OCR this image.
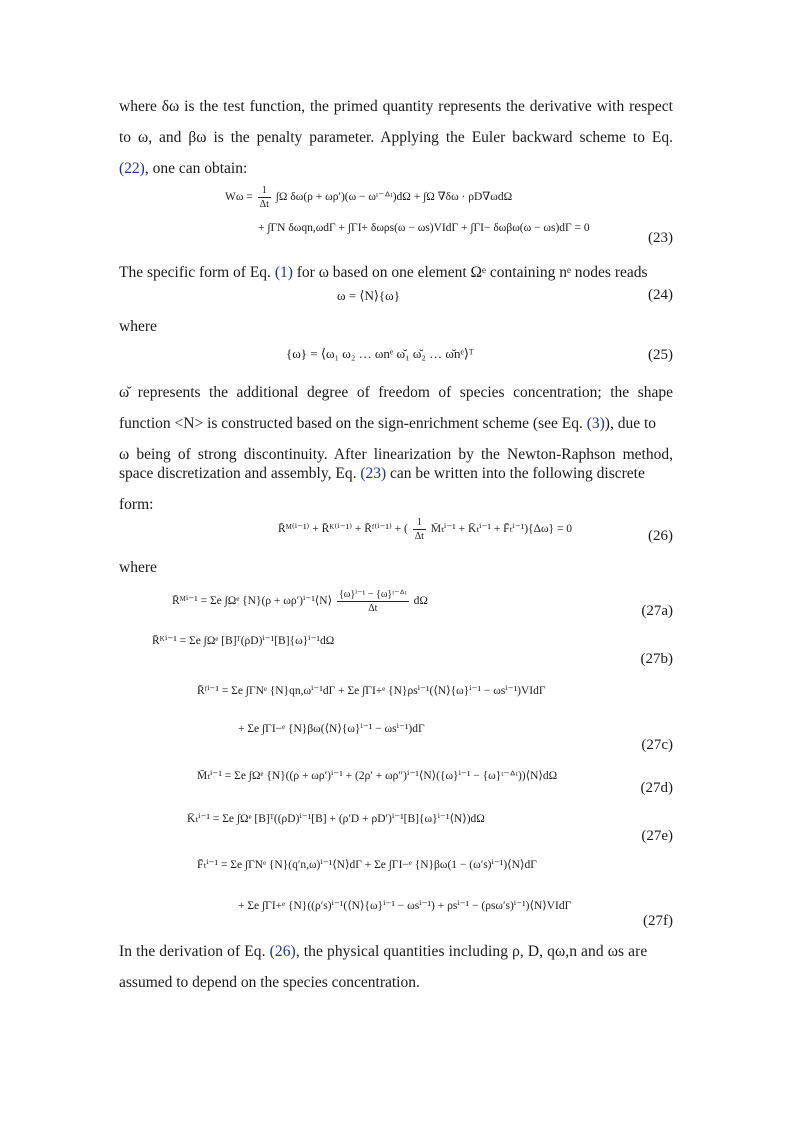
where δω is the test function, the primed quantity represents the derivative with respect
to ω, and βω is the penalty parameter. Applying the Euler backward scheme to Eq.
(22), one can obtain:
$W\omega = \frac{1}{\Delta t} \int\Omega$ δω(ρ + ωρ′)(ω − ωᵗ⁻ᐞᵗ)dΩ + ∫Ω ∇δω · ρD∇ωdΩ
+ ∫ΓN δωqn,ωdΓ + ∫ΓI+ δωρs(ω − ωs)VIdΓ + ∫ΓI− δωβω(ω − ωs)dΓ = 0
(23)
The specific form of Eq. (1) for ω based on one element Ωᵉ containing nᵉ nodes reads
ω = ⟨N⟩{ω}	(24)
where
{ω} = ⟨ω₁ ω₂ … ωnᵉ ω̆₁ ω̆₂ … ω̆nᵉ⟩ᵀ	(25)
ω̆ represents the additional degree of freedom of species concentration; the shape
function <N> is constructed based on the sign-enrichment scheme (see Eq. (3)), due to
ω being of strong discontinuity. After linearization by the Newton-Raphson method,
space discretization and assembly, Eq. (23) can be written into the following discrete
form:
R̄ᴹ⁽ⁱ⁻¹⁾ + R̄ᴷ⁽ⁱ⁻¹⁾ + R̄ᶠ⁽ⁱ⁻¹⁾ + ( $\frac{1}{\Delta t}$ M̄ₜⁱ⁻¹ + K̄ₜⁱ⁻¹ + F̄ₜⁱ⁻¹){Δω} = 0	(26)
where
R̄ᴹⁱ⁻¹ = Σe ∫Ωᵉ {N}(ρ + ωρ′)ⁱ⁻¹⟨N⟩ $\frac{\text{\{ω\}ⁱ⁻¹ − \{ω\}ᵗ⁻ᐞᵗ}}{\Delta t}$ dΩ
(27a)
R̄ᴷⁱ⁻¹ = Σe ∫Ωᵉ [B]ᵀ(ρD)ⁱ⁻¹[B]{ω}ⁱ⁻¹dΩ
(27b)
R̄ᶠⁱ⁻¹ = Σe ∫ΓNᵉ {N}qn,ωⁱ⁻¹dΓ + Σe ∫ΓI+ᵉ {N}ρsⁱ⁻¹(⟨N⟩{ω}ⁱ⁻¹ − ωsⁱ⁻¹)VIdΓ
+ Σe ∫ΓI−ᵉ {N}βω(⟨N⟩{ω}ⁱ⁻¹ − ωsⁱ⁻¹)dΓ
(27c)
M̄ₜⁱ⁻¹ = Σe ∫Ωᵉ {N}((ρ + ωρ′)ⁱ⁻¹ + (2ρ′ + ωρ″)ⁱ⁻¹⟨N⟩({ω}ⁱ⁻¹ − {ω}ᵗ⁻ᐞᵗ))⟨N⟩dΩ
(27d)
K̄ₜⁱ⁻¹ = Σe ∫Ωᵉ [B]ᵀ((ρD)ⁱ⁻¹[B] + (ρ′D + ρD′)ⁱ⁻¹[B]{ω}ⁱ⁻¹⟨N⟩)dΩ
(27e)
F̄ₜⁱ⁻¹ = Σe ∫ΓNᵉ {N}(q′n,ω)ⁱ⁻¹⟨N⟩dΓ + Σe ∫ΓI−ᵉ {N}βω(1 − (ω′s)ⁱ⁻¹)⟨N⟩dΓ
+ Σe ∫ΓI+ᵉ {N}((ρ′s)ⁱ⁻¹(⟨N⟩{ω}ⁱ⁻¹ − ωsⁱ⁻¹) + ρsⁱ⁻¹ − (ρsω′s)ⁱ⁻¹)⟨N⟩VIdΓ
(27f)
In the derivation of Eq. (26), the physical quantities including ρ, D, qω,n and ωs are
assumed to depend on the species concentration.
